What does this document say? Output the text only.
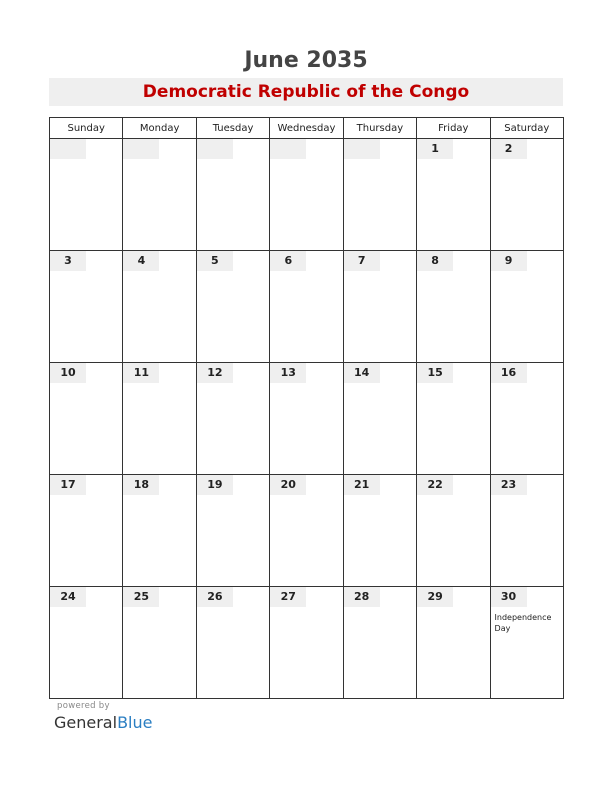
June 2035
Democratic Republic of the Congo
Sunday	Monday	Tuesday	Wednesday	Thursday	Friday	Saturday

					1	2

3	4	5	6	7	8	9

10	11	12	13	14	15	16

17	18	19	20	21	22	23

24	25	26	27	28	29	30
Independence Day
powered by
GeneralBlue
